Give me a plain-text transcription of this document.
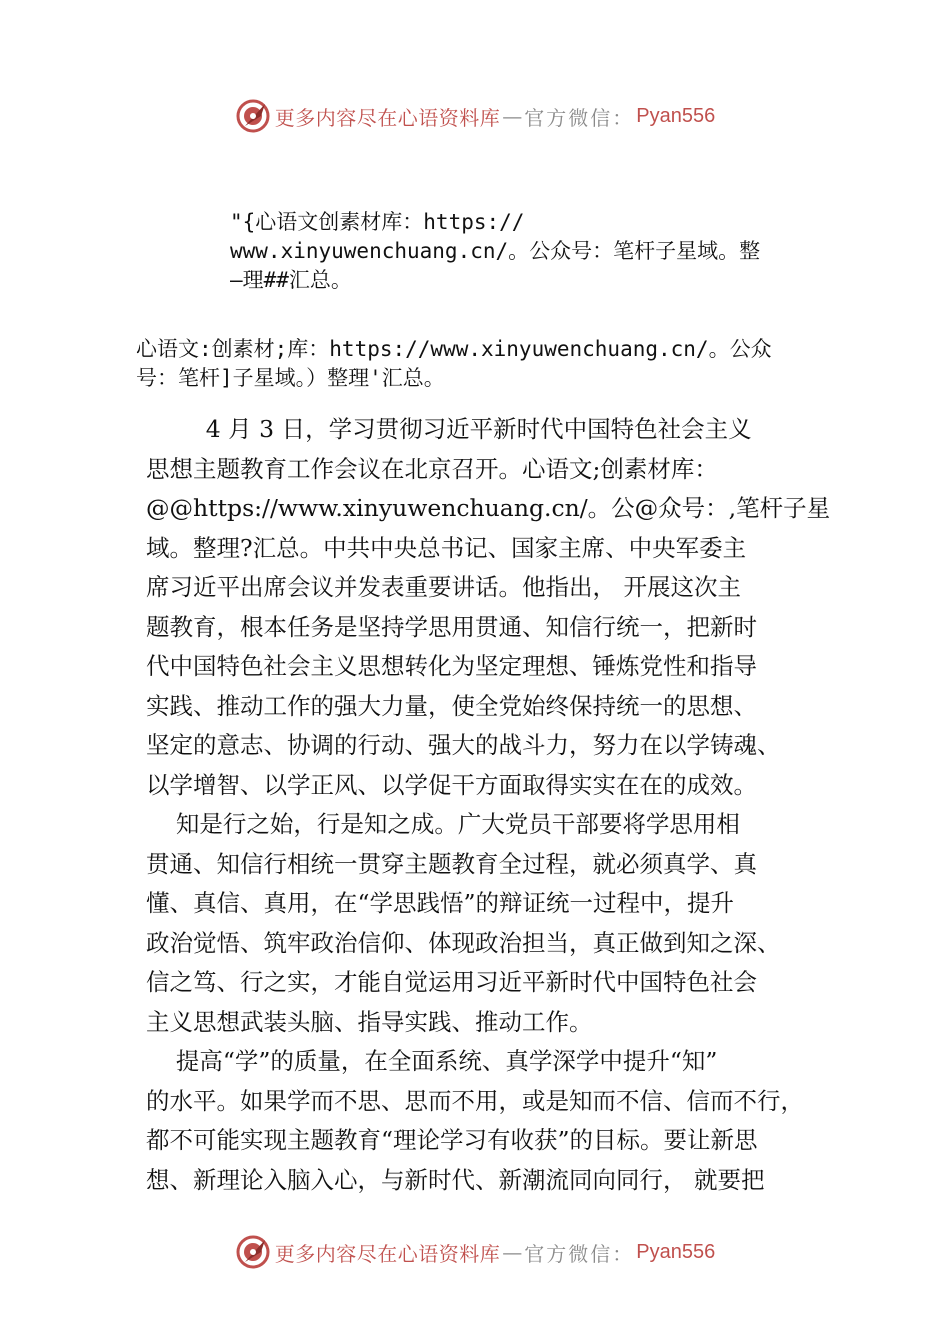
更多内容尽在心语资料库 — 官方微信： Pyan556
"{心语文创素材库：https://
www.xinyuwenchuang.cn/。公众号：笔杆子星域。整
—理##汇总。
心语文:创素材;库：https://www.xinyuwenchuang.cn/。公众
号：笔杆]子星域。）整理'汇总。

4 月 3 日，学习贯彻习近平新时代中国特色社会主义
思想主题教育工作会议在北京召开。心语文;创素材库：
@@https://www.xinyuwenchuang.cn/。公@众号：,笔杆子星
域。整理?汇总。中共中央总书记、国家主席、中央军委主
席习近平出席会议并发表重要讲话。他指出， 开展这次主
题教育，根本任务是坚持学思用贯通、知信行统一，把新时
代中国特色社会主义思想转化为坚定理想、锤炼党性和指导
实践、推动工作的强大力量，使全党始终保持统一的思想、
坚定的意志、协调的行动、强大的战斗力，努力在以学铸魂、
以学增智、以学正风、以学促干方面取得实实在在的成效。

知是行之始，行是知之成。广大党员干部要将学思用相
贯通、知信行相统一贯穿主题教育全过程，就必须真学、真
懂、真信、真用，在“学思践悟”的辩证统一过程中，提升
政治觉悟、筑牢政治信仰、体现政治担当，真正做到知之深、
信之笃、行之实，才能自觉运用习近平新时代中国特色社会
主义思想武装头脑、指导实践、推动工作。

提高“学”的质量，在全面系统、真学深学中提升“知”
的水平。如果学而不思、思而不用，或是知而不信、信而不行，
都不可能实现主题教育“理论学习有收获”的目标。要让新思
想、新理论入脑入心，与新时代、新潮流同向同行， 就要把

更多内容尽在心语资料库 — 官方微信： Pyan556
